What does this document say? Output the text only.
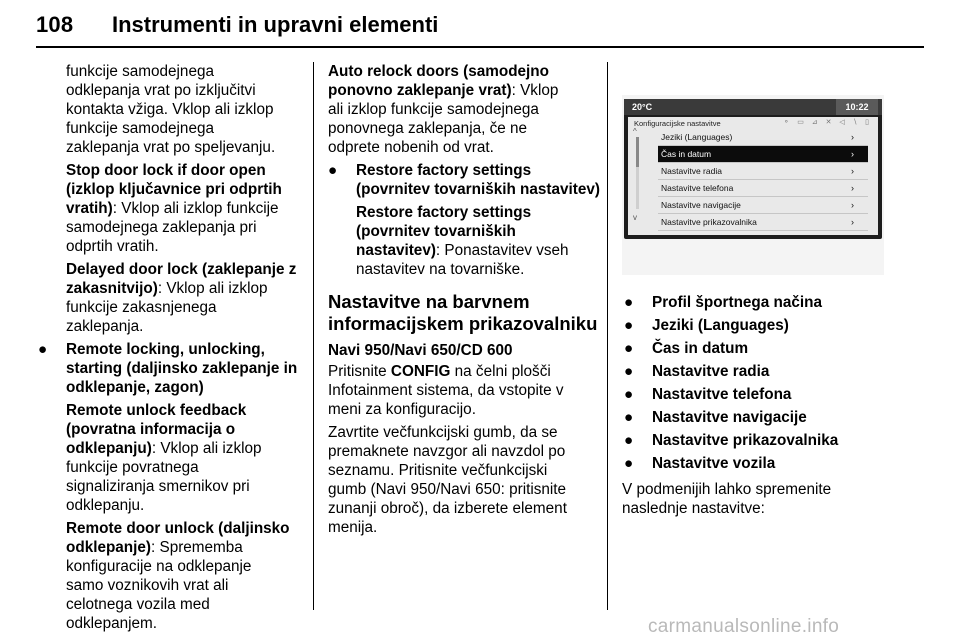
108 Instrumenti in upravni elementi

funkcije samodejnega
odklepanja vrat po izključitvi
kontakta vžiga. Vklop ali izklop
funkcije samodejnega
zaklepanja vrat po speljevanju.

Stop door lock if door open
(izklop ključavnice pri odprtih
vratih): Vklop ali izklop funkcije
samodejnega zaklepanja pri
odprtih vratih.

Delayed door lock (zaklepanje z
zakasnitvijo): Vklop ali izklop
funkcije zakasnjenega
zaklepanja.

● Remote locking, unlocking,
starting (daljinsko zaklepanje in
odklepanje, zagon)

Remote unlock feedback
(povratna informacija o
odklepanju): Vklop ali izklop
funkcije povratnega
signaliziranja smernikov pri
odklepanju.

Remote door unlock (daljinsko
odklepanje): Sprememba
konfiguracije na odklepanje
samo voznikovih vrat ali
celotnega vozila med
odklepanjem.

Auto relock doors (samodejno
ponovno zaklepanje vrat): Vklop
ali izklop funkcije samodejnega
ponovnega zaklepanja, če ne
odprete nobenih od vrat.

● Restore factory settings
(povrnitev tovarniških nastavitev)

Restore factory settings
(povrnitev tovarniških
nastavitev): Ponastavitev vseh
nastavitev na tovarniške.

Nastavitve na barvnem
informacijskem prikazovalniku
Navi 950/Navi 650/CD 600

Pritisnite CONFIG na čelni plošči
Infotainment sistema, da vstopite v
meni za konfiguracijo.

Zavrtite večfunkcijski gumb, da se
premaknete navzgor ali navzdol po
seznamu. Pritisnite večfunkcijski
gumb (Navi 950/Navi 650: pritisnite
zunanji obroč), da izberete element
menija.

20°C	10:22
Konfiguracijske nastavitve	⚬ ▭ ⊿ ✕ ◁ ∖ ▯
^
v
Jeziki (Languages)	›
Čas in datum	›
Nastavitve radia	›
Nastavitve telefona	›
Nastavitve navigacije	›
Nastavitve prikazovalnika	›
● Profil športnega načina
● Jeziki (Languages)
● Čas in datum
● Nastavitve radia
● Nastavitve telefona
● Nastavitve navigacije
● Nastavitve prikazovalnika
● Nastavitve vozila
V podmenijih lahko spremenite
naslednje nastavitve:
carmanualsonline.info
